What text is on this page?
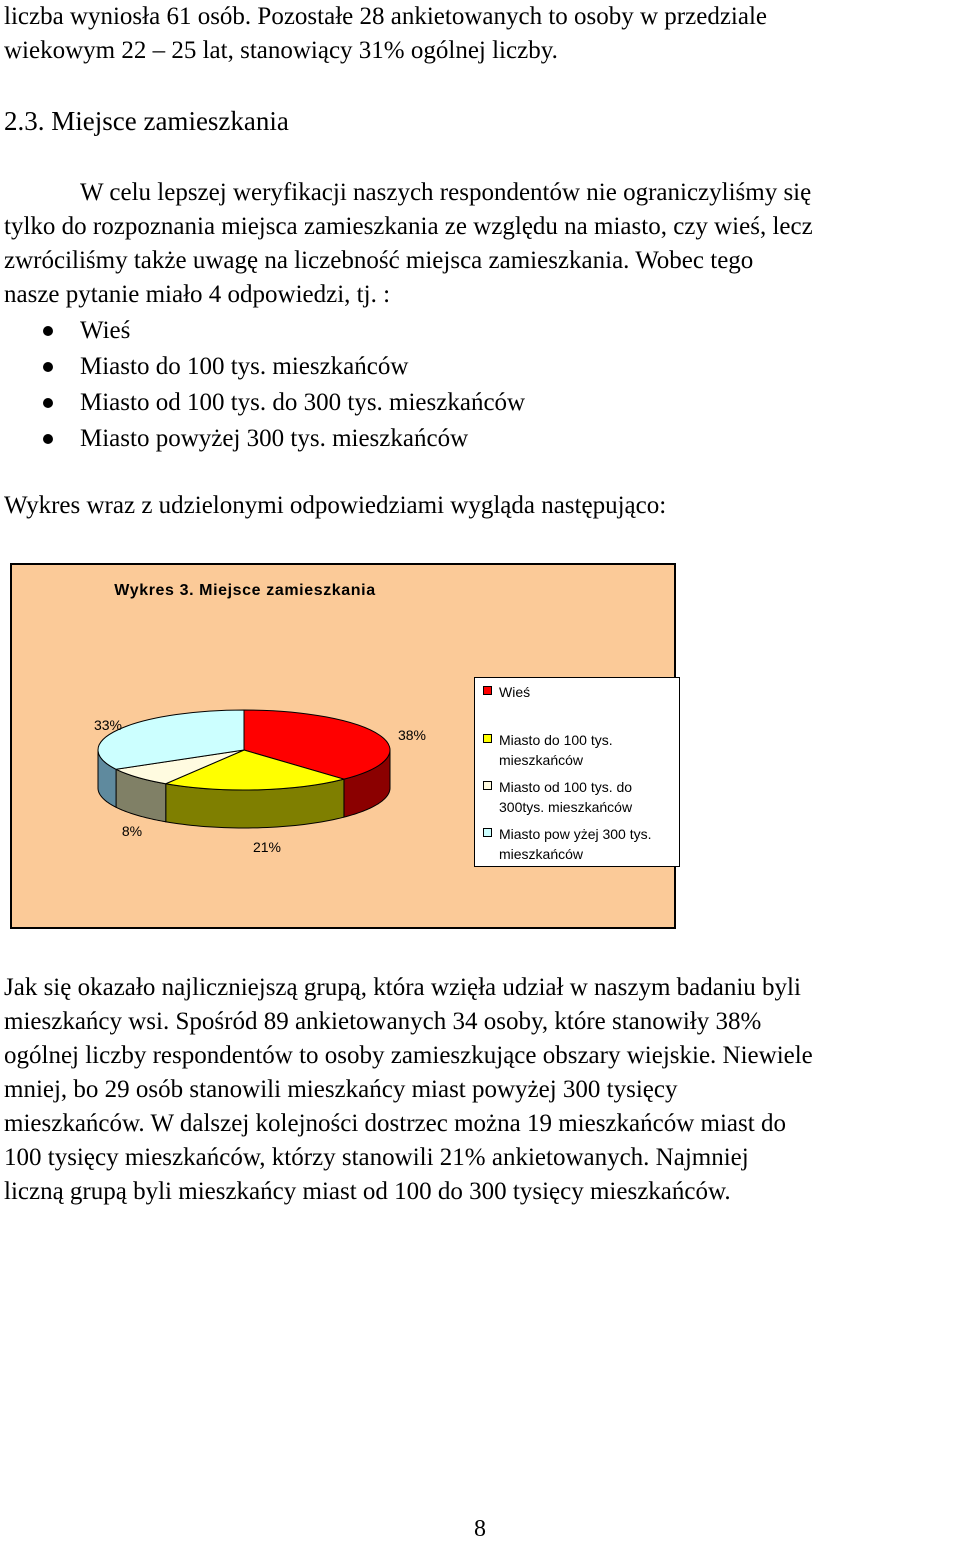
liczba wyniosła 61 osób. Pozostałe 28 ankietowanych to osoby w przedziale
wiekowym 22 – 25 lat, stanowiący 31% ogólnej liczby.
2.3. Miejsce zamieszkania
W celu lepszej weryfikacji naszych respondentów nie ograniczyliśmy się
tylko do rozpoznania miejsca zamieszkania ze względu na miasto, czy wieś, lecz
zwróciliśmy także uwagę na liczebność miejsca zamieszkania. Wobec tego
nasze pytanie miało 4 odpowiedzi, tj. :
Wieś
Miasto do 100 tys. mieszkańców
Miasto od 100 tys. do 300 tys. mieszkańców
Miasto powyżej 300 tys. mieszkańców
Wykres wraz z udzielonymi odpowiedziami wygląda następująco:
Wykres 3. Miejsce zamieszkania
38%
21%
8%
33%
Wieś
Miasto do 100 tys.
mieszkańców
Miasto od 100 tys. do
300tys. mieszkańców
Miasto pow yżej 300 tys.
mieszkańców
Jak się okazało najliczniejszą grupą, która wzięła udział w naszym badaniu byli
mieszkańcy wsi. Spośród 89 ankietowanych 34 osoby, które stanowiły 38%
ogólnej liczby respondentów to osoby zamieszkujące obszary wiejskie. Niewiele
mniej, bo 29 osób stanowili mieszkańcy miast powyżej 300 tysięcy
mieszkańców. W dalszej kolejności dostrzec można 19 mieszkańców miast do
100 tysięcy mieszkańców, którzy stanowili 21% ankietowanych. Najmniej
liczną grupą byli mieszkańcy miast od 100 do 300 tysięcy mieszkańców.
8
